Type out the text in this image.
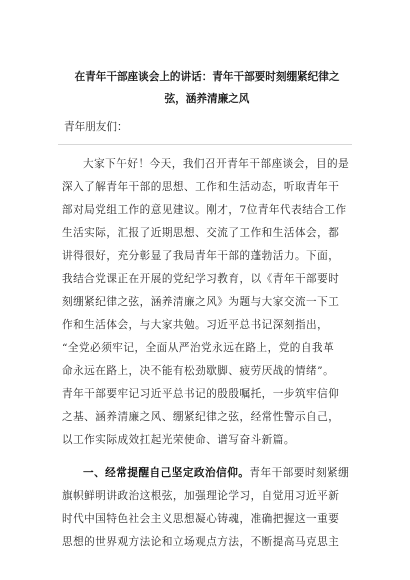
在青年干部座谈会上的讲话：青年干部要时刻绷紧纪律之
弦，涵养清廉之风
青年朋友们：
大家下午好！今天，我们召开青年干部座谈会，目的是
深入了解青年干部的思想、工作和生活动态，听取青年干
部对局党组工作的意见建议。刚才，7位青年代表结合工作
生活实际，汇报了近期思想、交流了工作和生活体会，都
讲得很好，充分彰显了我局青年干部的蓬勃活力。下面，
我结合党课正在开展的党纪学习教育，以《青年干部要时
刻绷紧纪律之弦，涵养清廉之风》为题与大家交流一下工
作和生活体会，与大家共勉。习近平总书记深刻指出，
“全党必须牢记，全面从严治党永远在路上，党的自我革
命永远在路上，决不能有松劲歇脚、疲劳厌战的情绪”。
青年干部要牢记习近平总书记的殷殷嘱托，一步筑牢信仰
之基、涵养清廉之风、绷紧纪律之弦，经常性警示自己，
以工作实际成效扛起光荣使命、谱写奋斗新篇。
一、经常提醒自己坚定政治信仰。青年干部要时刻紧绷
旗帜鲜明讲政治这根弦，加强理论学习，自觉用习近平新
时代中国特色社会主义思想凝心铸魂，准确把握这一重要
思想的世界观方法论和立场观点方法，不断提高马克思主
